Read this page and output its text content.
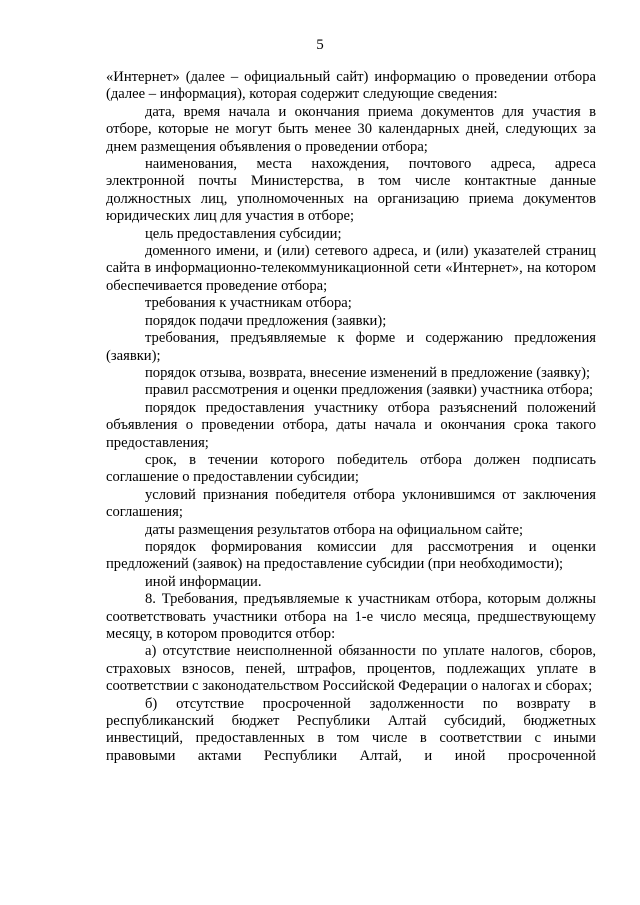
5

«Интернет» (далее – официальный сайт) информацию о проведении отбора (далее – информация), которая содержит следующие сведения:

дата, время начала и окончания приема документов для участия в отборе, которые не могут быть менее 30 календарных дней, следующих за днем размещения объявления о проведении отбора;

наименования, места нахождения, почтового адреса, адреса электронной почты Министерства, в том числе контактные данные должностных лиц, уполномоченных на организацию приема документов юридических лиц для участия в отборе;

цель предоставления субсидии;

доменного имени, и (или) сетевого адреса, и (или) указателей страниц сайта в информационно-телекоммуникационной сети «Интернет», на котором обеспечивается проведение отбора;

требования к участникам отбора;

порядок подачи предложения (заявки);

требования, предъявляемые к форме и содержанию предложения (заявки);

порядок отзыва, возврата, внесение изменений в предложение (заявку);

правил рассмотрения и оценки предложения (заявки) участника отбора;

порядок предоставления участнику отбора разъяснений положений объявления о проведении отбора, даты начала и окончания срока такого предоставления;

срок, в течении которого победитель отбора должен подписать соглашение о предоставлении субсидии;

условий признания победителя отбора уклонившимся от заключения соглашения;

даты размещения результатов отбора на официальном сайте;

порядок формирования комиссии для рассмотрения и оценки предложений (заявок) на предоставление субсидии (при необходимости);

иной информации.

8. Требования, предъявляемые к участникам отбора, которым должны соответствовать участники отбора на 1-е число месяца, предшествующему месяцу, в котором проводится отбор:

а) отсутствие неисполненной обязанности по уплате налогов, сборов, страховых взносов, пеней, штрафов, процентов, подлежащих уплате в соответствии с законодательством Российской Федерации о налогах и сборах;

б) отсутствие просроченной задолженности по возврату в республиканский бюджет Республики Алтай субсидий, бюджетных инвестиций, предоставленных в том числе в соответствии с иными правовыми актами Республики Алтай, и иной просроченной
